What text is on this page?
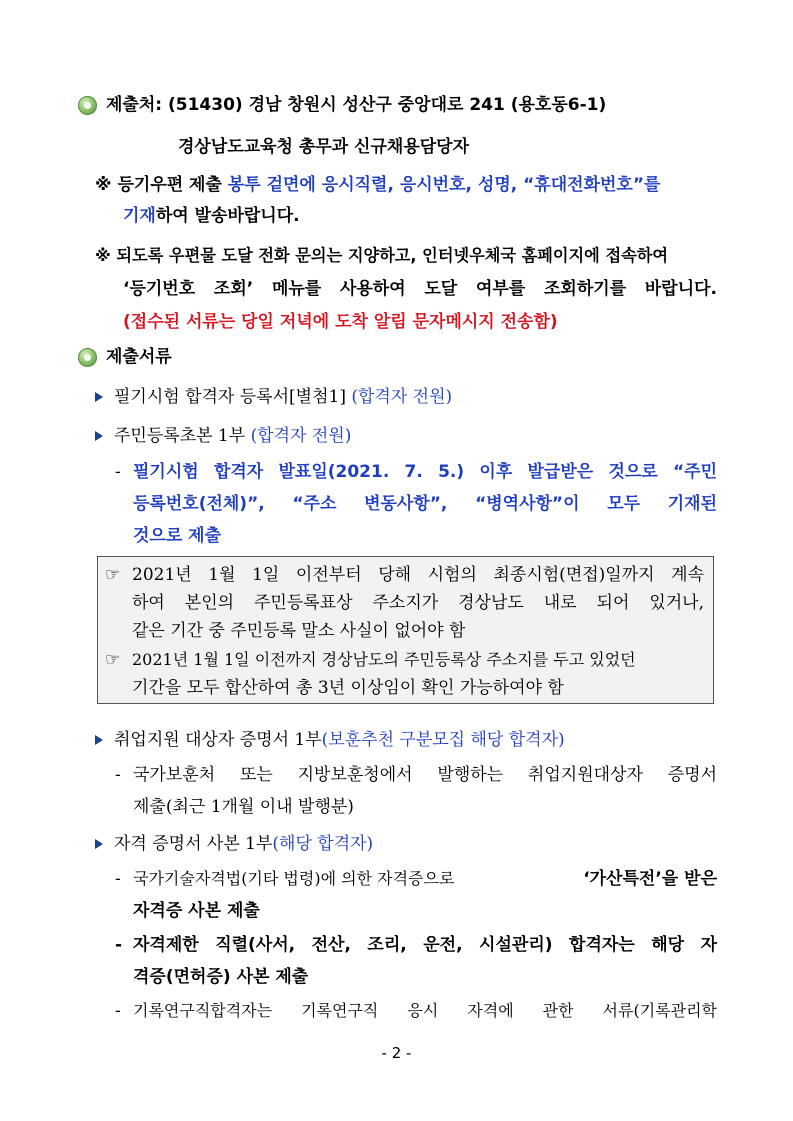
제출처: (51430) 경남 창원시 성산구 중앙대로 241 (용호동6-1)
경상남도교육청 총무과 신규채용담당자
※ 등기우편 제출 봉투 겉면에 응시직렬, 응시번호, 성명, “휴대전화번호”를
기재하여 발송바랍니다.
※ 되도록 우편물 도달 전화 문의는 지양하고, 인터넷우체국 홈페이지에 접속하여
‘등기번호 조회’ 메뉴를 사용하여 도달 여부를 조회하기를 바랍니다.
(접수된 서류는 당일 저녁에 도착 알림 문자메시지 전송함)
제출서류
필기시험 합격자 등록서[별첨1] (합격자 전원)
주민등록초본 1부 (합격자 전원)
- 필기시험 합격자 발표일(2021. 7. 5.) 이후 발급받은 것으로 “주민
등록번호(전체)”, “주소 변동사항”, “병역사항”이 모두 기재된
것으로 제출
☞ 2021년 1월 1일 이전부터 당해 시험의 최종시험(면접)일까지 계속
하여 본인의 주민등록표상 주소지가 경상남도 내로 되어 있거나,
같은 기간 중 주민등록 말소 사실이 없어야 함
☞ 2021년 1월 1일 이전까지 경상남도의 주민등록상 주소지를 두고 있었던
기간을 모두 합산하여 총 3년 이상임이 확인 가능하여야 함
취업지원 대상자 증명서 1부(보훈추천 구분모집 해당 합격자)
- 국가보훈처 또는 지방보훈청에서 발행하는 취업지원대상자 증명서
제출(최근 1개월 이내 발행분)
자격 증명서 사본 1부(해당 합격자)
- 국가기술자격법(기타 법령)에 의한 자격증으로	‘가산특전’을 받은
자격증 사본 제출
- 자격제한 직렬(사서, 전산, 조리, 운전, 시설관리) 합격자는 해당 자
격증(면허증) 사본 제출
- 기록연구직합격자는 기록연구직 응시 자격에 관한 서류(기록관리학
- 2 -
